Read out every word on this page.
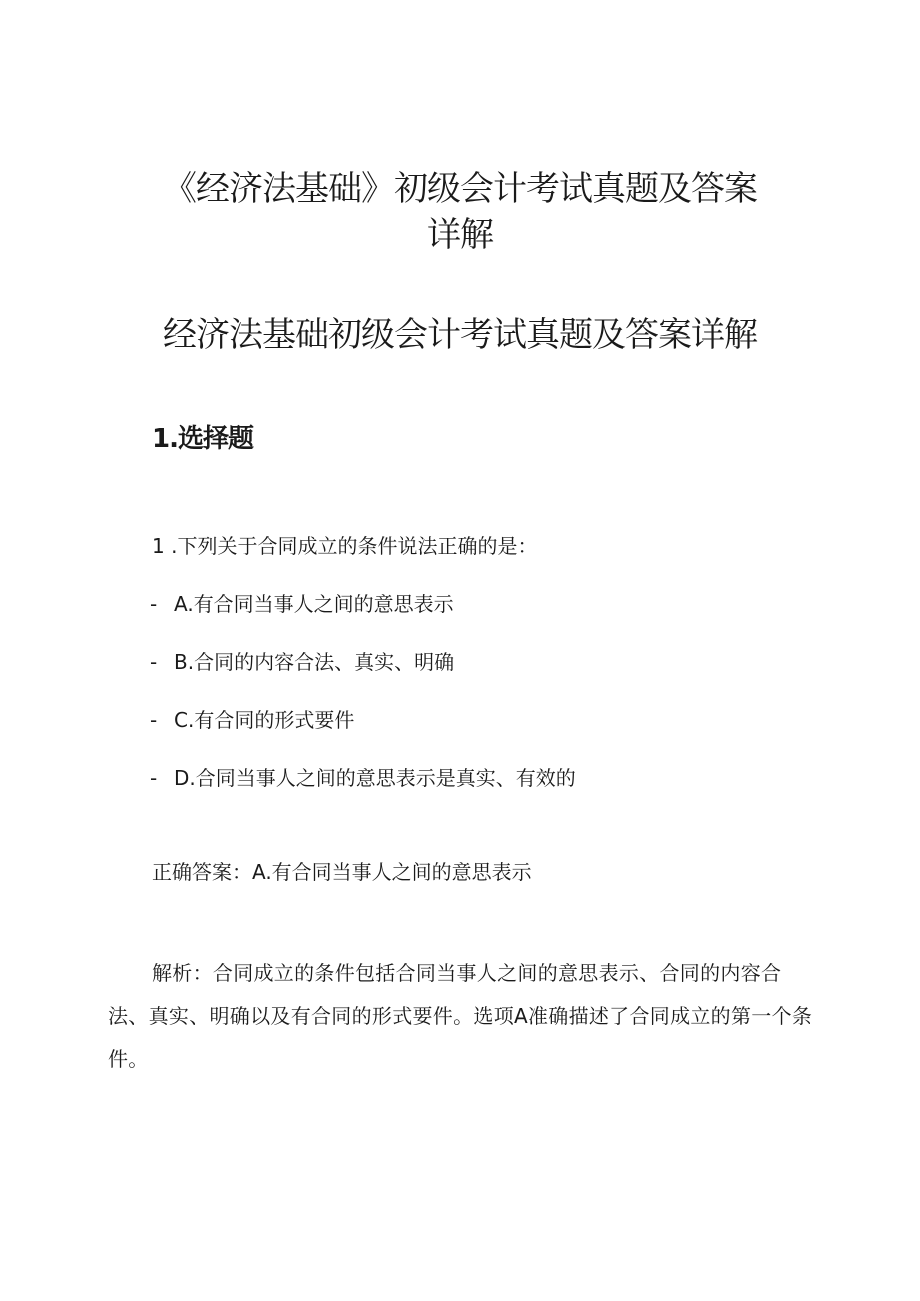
《经济法基础》初级会计考试真题及答案
详解
经济法基础初级会计考试真题及答案详解
1.选择题

1 .下列关于合同成立的条件说法正确的是：

- A.有合同当事人之间的意思表示

- B.合同的内容合法、真实、明确

- C.有合同的形式要件

- D.合同当事人之间的意思表示是真实、有效的

正确答案：A.有合同当事人之间的意思表示

解析：合同成立的条件包括合同当事人之间的意思表示、合同的内容合法、真实、明确以及有合同的形式要件。选项A准确描述了合同成立的第一个条件。
